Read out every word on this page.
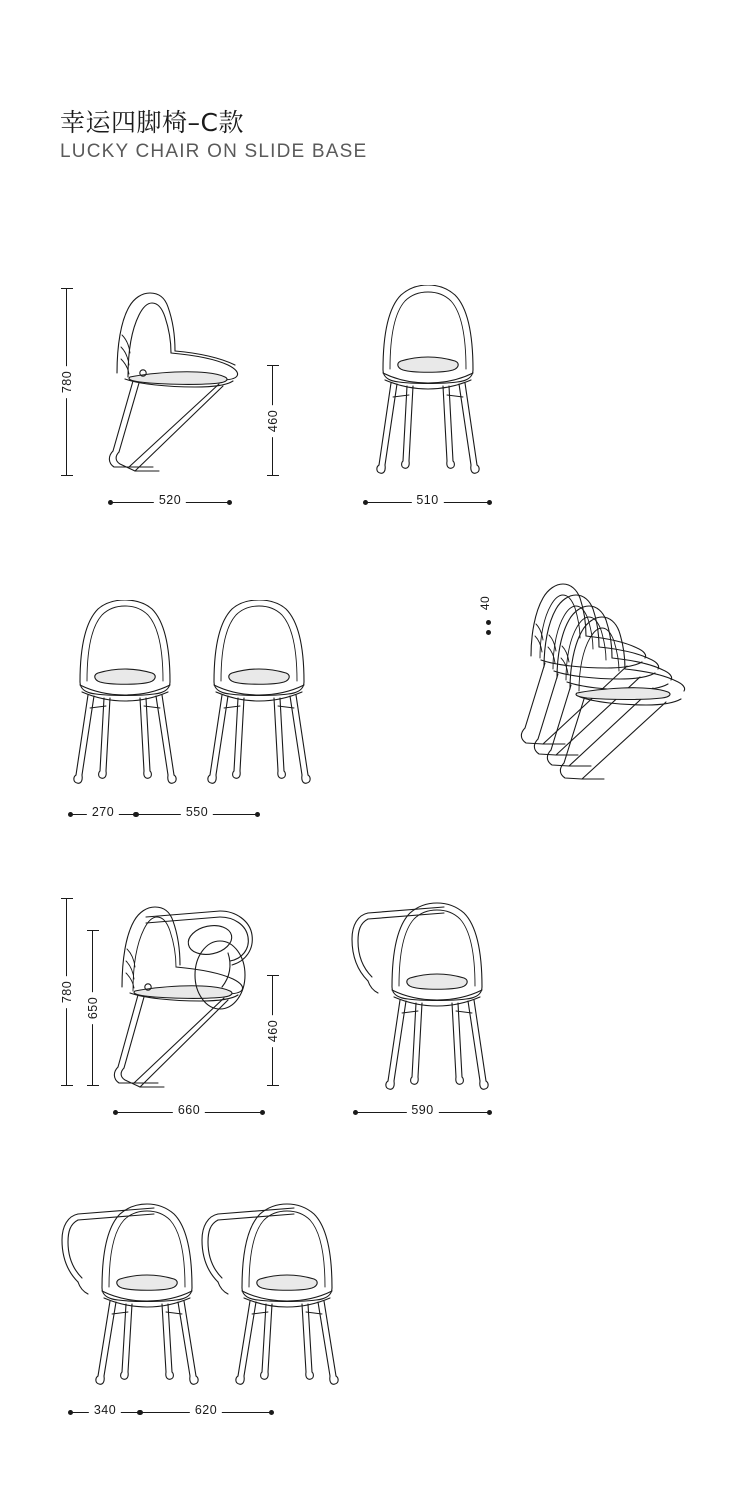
幸运四脚椅–C款
LUCKY CHAIR ON SLIDE BASE
780
460
520	510
270	550
40
780
650
460
660	590
340	620
